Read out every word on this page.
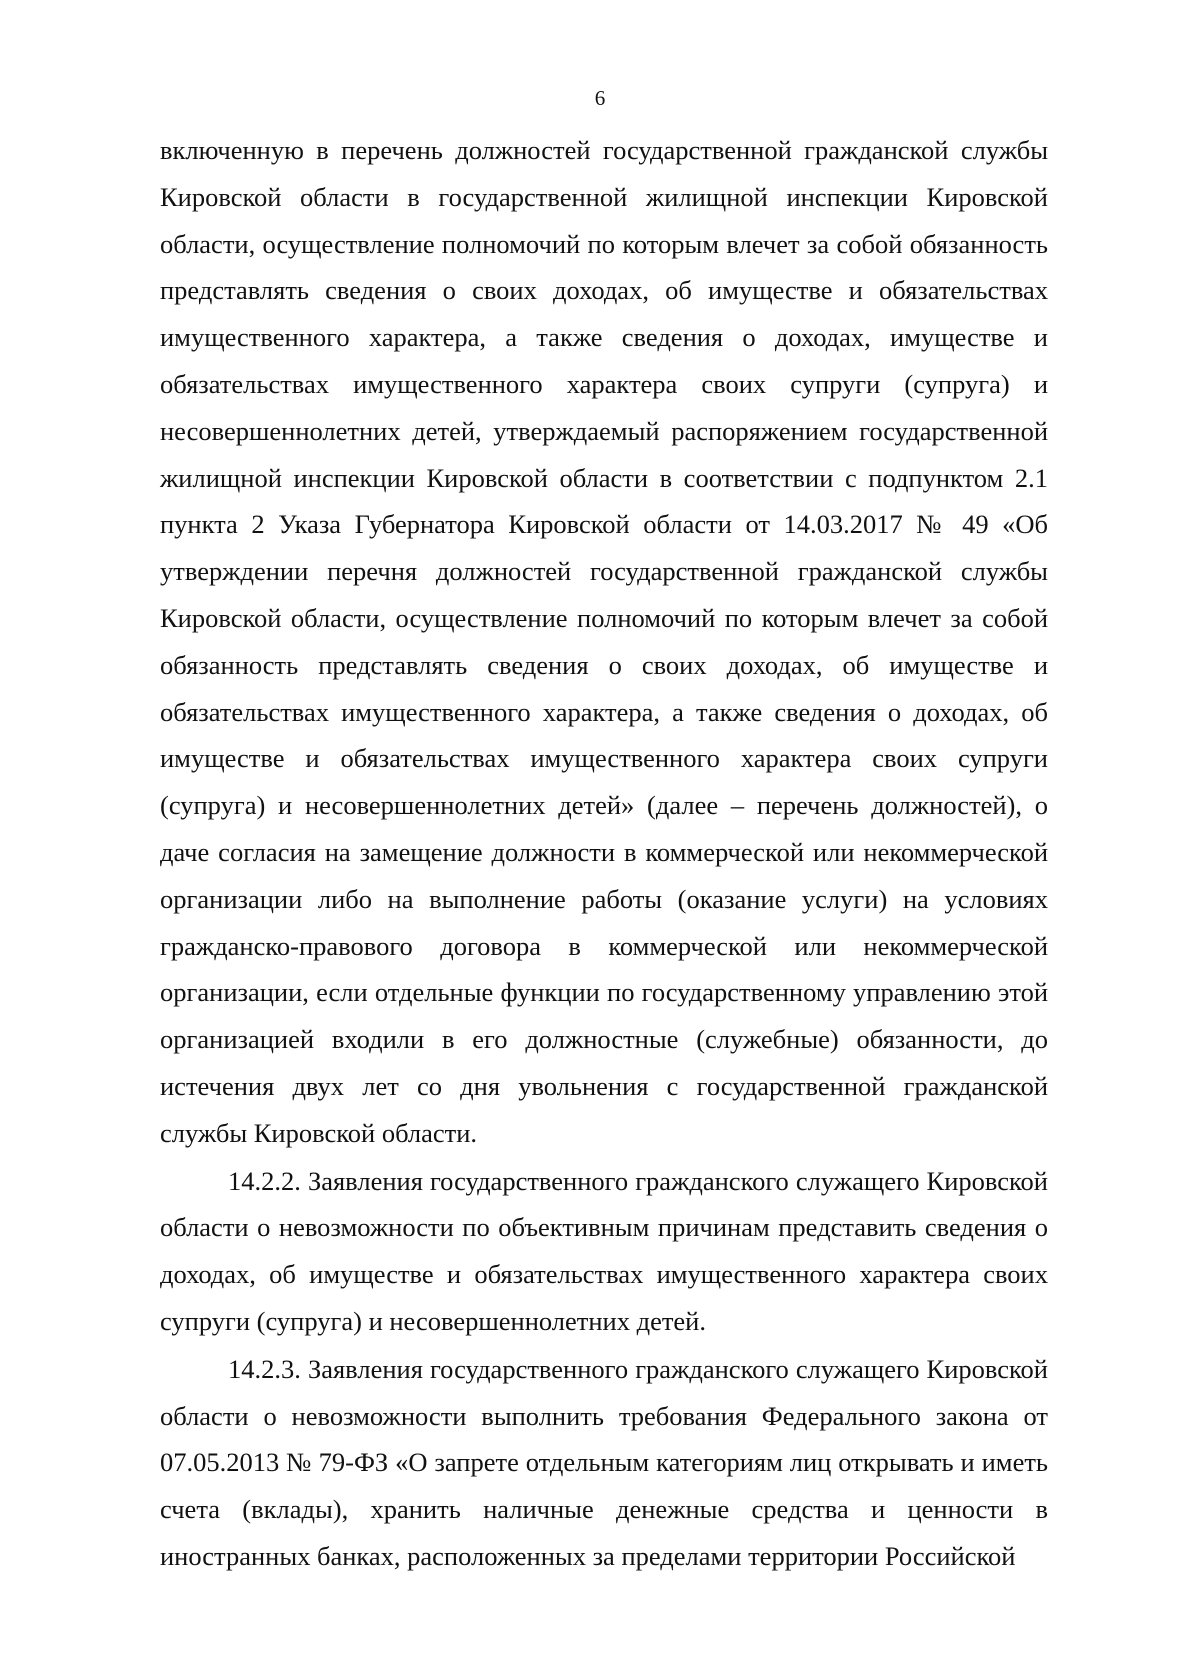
6

включенную в перечень должностей государственной гражданской службы Кировской области в государственной жилищной инспекции Кировской области, осуществление полномочий по которым влечет за собой обязанность представлять сведения о своих доходах, об имуществе и обязательствах имущественного характера, а также сведения о доходах, имуществе и обязательствах имущественного характера своих супруги (супруга) и несовершеннолетних детей, утверждаемый распоряжением государственной жилищной инспекции Кировской области в соответствии с подпунктом 2.1 пункта 2 Указа Губернатора Кировской области от 14.03.2017 № 49 «Об утверждении перечня должностей государственной гражданской службы Кировской области, осуществление полномочий по которым влечет за собой обязанность представлять сведения о своих доходах, об имуществе и обязательствах имущественного характера, а также сведения о доходах, об имуществе и обязательствах имущественного характера своих супруги (супруга) и несовершеннолетних детей» (далее – перечень должностей), о даче согласия на замещение должности в коммерческой или некоммерческой организации либо на выполнение работы (оказание услуги) на условиях гражданско-правового договора в коммерческой или некоммерческой организации, если отдельные функции по государственному управлению этой организацией входили в его должностные (служебные) обязанности, до истечения двух лет со дня увольнения с государственной гражданской службы Кировской области.

14.2.2. Заявления государственного гражданского служащего Кировской области о невозможности по объективным причинам представить сведения о доходах, об имуществе и обязательствах имущественного характера своих супруги (супруга) и несовершеннолетних детей.

14.2.3. Заявления государственного гражданского служащего Кировской области о невозможности выполнить требования Федерального закона от 07.05.2013 № 79-ФЗ «О запрете отдельным категориям лиц открывать и иметь счета (вклады), хранить наличные денежные средства и ценности в иностранных банках, расположенных за пределами территории Российской
